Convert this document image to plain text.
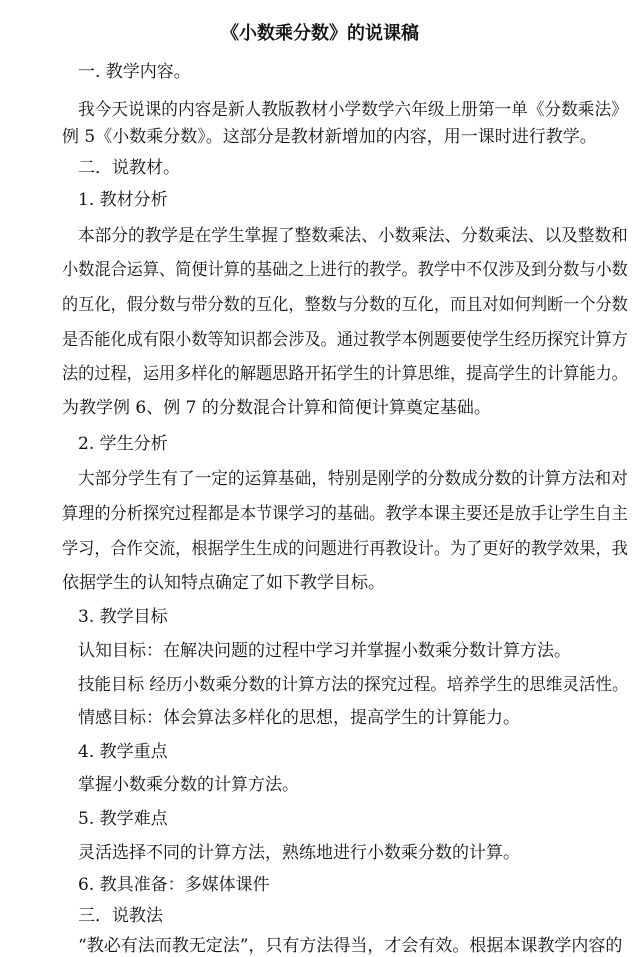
《小数乘分数》的说课稿
一. 教学内容。
我今天说课的内容是新人教版教材小学数学六年级上册第一单《分数乘法》
例 5《小数乘分数》。这部分是教材新增加的内容，用一课时进行教学。
二．说教材。
1. 教材分析
本部分的教学是在学生掌握了整数乘法、小数乘法、分数乘法、以及整数和
小数混合运算、简便计算的基础之上进行的教学。教学中不仅涉及到分数与小数
的互化，假分数与带分数的互化，整数与分数的互化，而且对如何判断一个分数
是否能化成有限小数等知识都会涉及。通过教学本例题要使学生经历探究计算方
法的过程，运用多样化的解题思路开拓学生的计算思维，提高学生的计算能力。
为教学例 6、例 7 的分数混合计算和简便计算奠定基础。
2. 学生分析
大部分学生有了一定的运算基础，特别是刚学的分数成分数的计算方法和对
算理的分析探究过程都是本节课学习的基础。教学本课主要还是放手让学生自主
学习，合作交流，根据学生生成的问题进行再教设计。为了更好的教学效果，我
依据学生的认知特点确定了如下教学目标。
3. 教学目标
认知目标：在解决问题的过程中学习并掌握小数乘分数计算方法。
技能目标 经历小数乘分数的计算方法的探究过程。培养学生的思维灵活性。
情感目标：体会算法多样化的思想，提高学生的计算能力。
4. 教学重点
掌握小数乘分数的计算方法。
5. 教学难点
灵活选择不同的计算方法，熟练地进行小数乘分数的计算。
6. 教具准备：多媒体课件
三．说教法
“教必有法而教无定法”，只有方法得当，才会有效。根据本课教学内容的
